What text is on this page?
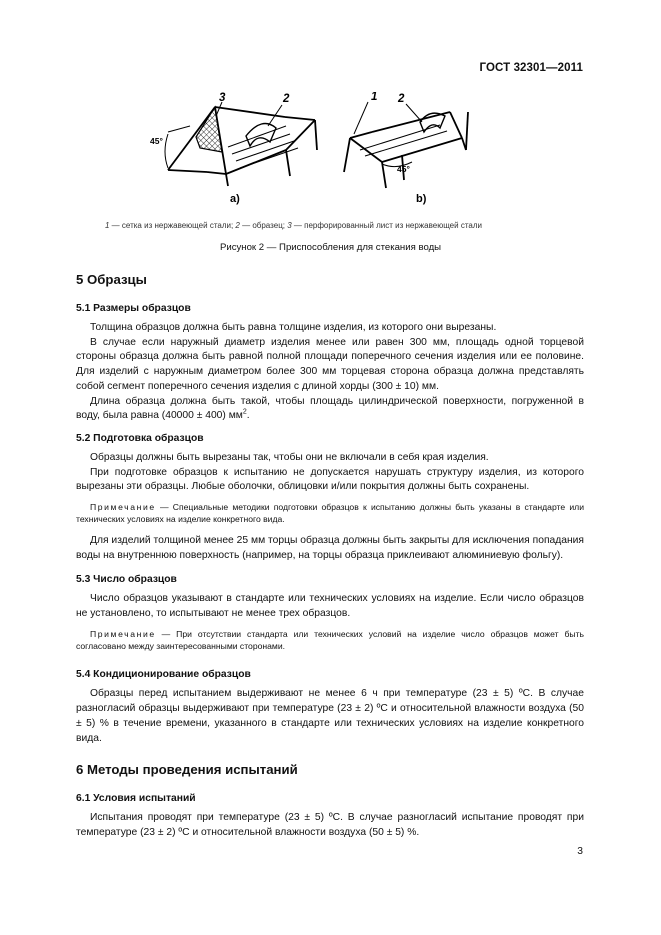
ГОСТ 32301—2011
3	2
45°
a)
1 2
45°
b)
1 — сетка из нержавеющей стали; 2 — образец; 3 — перфорированный лист из нержавеющей стали
Рисунок 2 — Приспособления для стекания воды
5 Образцы
5.1 Размеры образцов

Толщина образцов должна быть равна толщине изделия, из которого они вырезаны.

В случае если наружный диаметр изделия менее или равен 300 мм, площадь одной торцевой стороны образца должна быть равной полной площади поперечного сечения изделия или ее половине. Для изделий с наружным диаметром более 300 мм торцевая сторона образца должна представлять собой сегмент поперечного сечения изделия с длиной хорды (300 ± 10) мм.

Длина образца должна быть такой, чтобы площадь цилиндрической поверхности, погруженной в воду, была равна (40000 ± 400) $мм^2$.

5.2 Подготовка образцов

Образцы должны быть вырезаны так, чтобы они не включали в себя края изделия.

При подготовке образцов к испытанию не допускается нарушать структуру изделия, из которого вырезаны эти образцы. Любые оболочки, облицовки и/или покрытия должны быть сохранены.

Примечание — Специальные методики подготовки образцов к испытанию должны быть указаны в стандарте или технических условиях на изделие конкретного вида.

Для изделий толщиной менее 25 мм торцы образца должны быть закрыты для исключения попадания воды на внутреннюю поверхность (например, на торцы образца приклеивают алюминиевую фольгу).

5.3 Число образцов

Число образцов указывают в стандарте или технических условиях на изделие. Если число образцов не установлено, то испытывают не менее трех образцов.

Примечание — При отсутствии стандарта или технических условий на изделие число образцов может быть согласовано между заинтересованными сторонами.

5.4 Кондиционирование образцов

Образцы перед испытанием выдерживают не менее 6 ч при температуре (23 ± 5) ºС. В случае разногласий образцы выдерживают при температуре (23 ± 2) ºС и относительной влажности воздуха (50 ± 5) % в течение времени, указанного в стандарте или технических условиях на изделие конкретного вида.

6 Методы проведения испытаний
6.1 Условия испытаний

Испытания проводят при температуре (23 ± 5) ºС. В случае разногласий испытание проводят при температуре (23 ± 2) ºС и относительной влажности воздуха (50 ± 5) %.

3
